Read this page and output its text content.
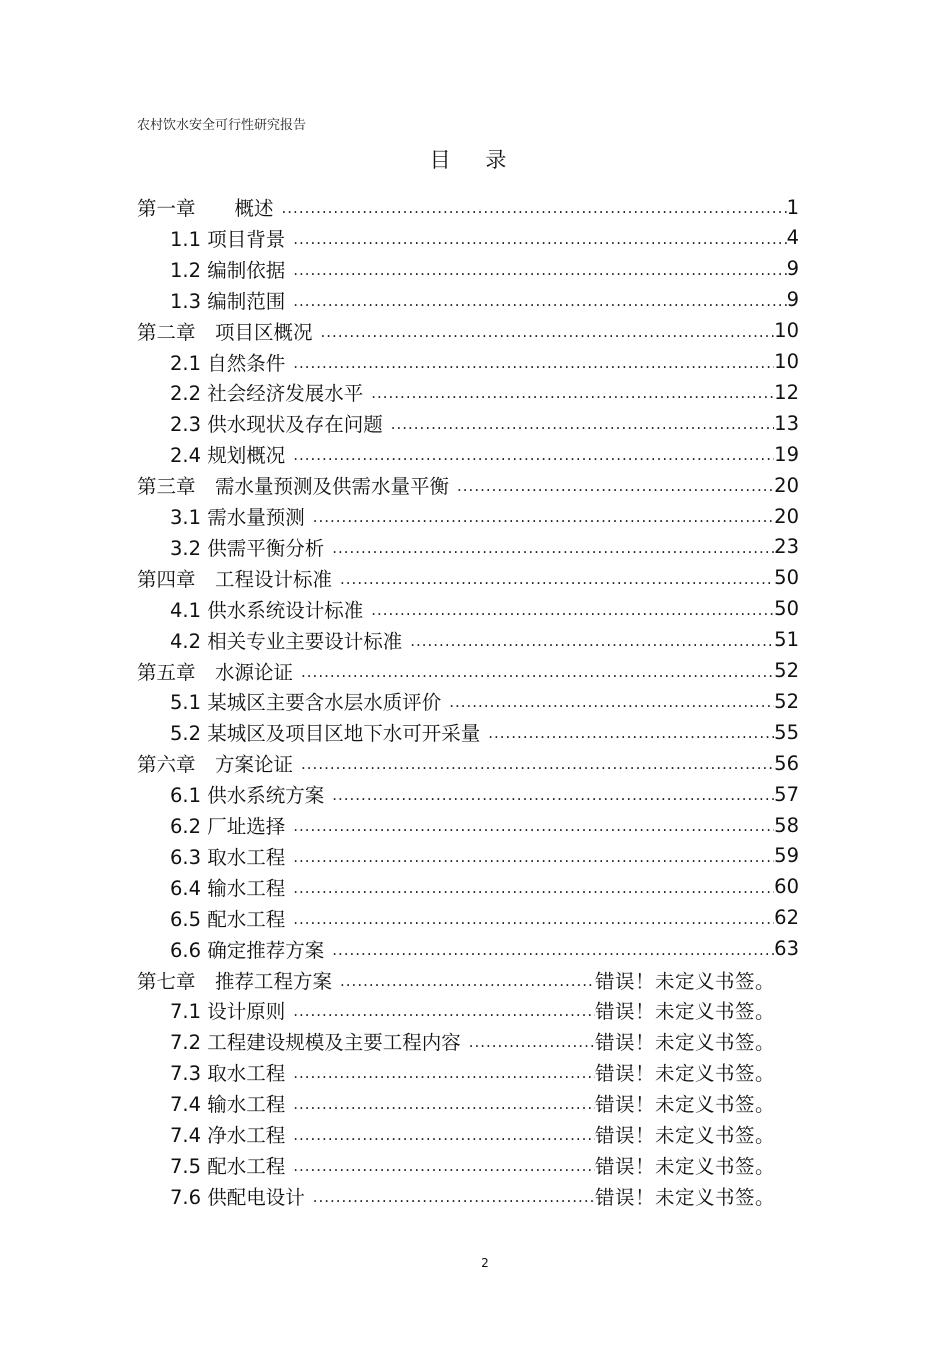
农村饮水安全可行性研究报告
目 录
第一章　　概述 .....	1
1.1 项目背景 .....	4
1.2 编制依据 .....	9
1.3 编制范围 .....	9
第二章　项目区概况 .....	10
2.1 自然条件 .....	10
2.2 社会经济发展水平 .....	12
2.3 供水现状及存在问题 .....	13
2.4 规划概况 .....	19
第三章　需水量预测及供需水量平衡 .....	20
3.1 需水量预测 .....	20
3.2 供需平衡分析 .....	23
第四章　工程设计标准 .....	50
4.1 供水系统设计标准 .....	50
4.2 相关专业主要设计标准 .....	51
第五章　水源论证 .....	52
5.1 某城区主要含水层水质评价 .....	52
5.2 某城区及项目区地下水可开采量 .....	55
第六章　方案论证 .....	56
6.1 供水系统方案 .....	57
6.2 厂址选择 .....	58
6.3 取水工程 .....	59
6.4 输水工程 .....	60
6.5 配水工程 .....	62
6.6 确定推荐方案 .....	63
第七章　推荐工程方案 .....	错误！未定义书签。
7.1 设计原则 .....	错误！未定义书签。
7.2 工程建设规模及主要工程内容 .....	错误！未定义书签。
7.3 取水工程 .....	错误！未定义书签。
7.4 输水工程 .....	错误！未定义书签。
7.4 净水工程 .....	错误！未定义书签。
7.5 配水工程 .....	错误！未定义书签。
7.6 供配电设计 .....	错误！未定义书签。
2
